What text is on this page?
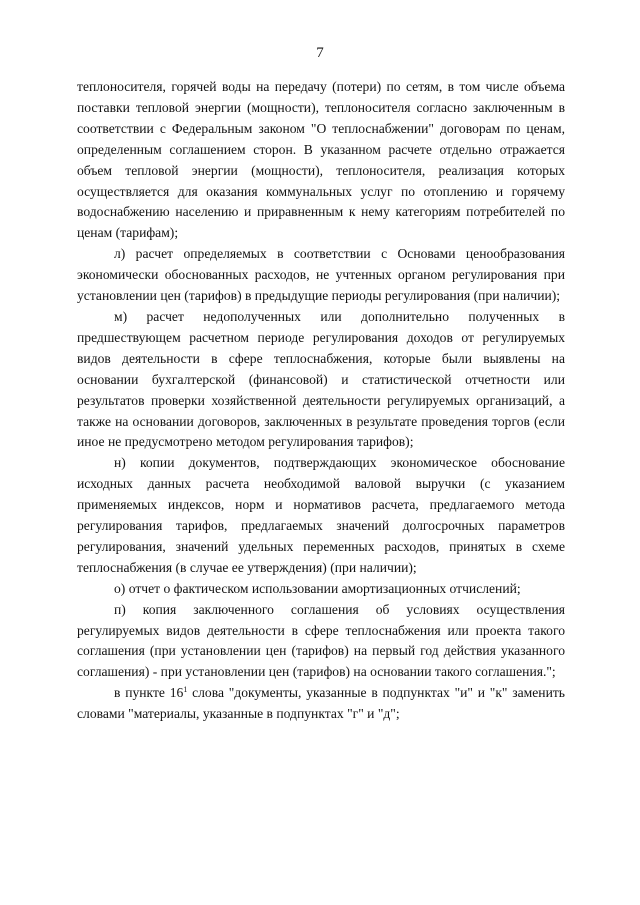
7

теплоносителя, горячей воды на передачу (потери) по сетям, в том числе объема поставки тепловой энергии (мощности), теплоносителя согласно заключенным в соответствии с Федеральным законом "О теплоснабжении" договорам по ценам, определенным соглашением сторон. В указанном расчете отдельно отражается объем тепловой энергии (мощности), теплоносителя, реализация которых осуществляется для оказания коммунальных услуг по отоплению и горячему водоснабжению населению и приравненным к нему категориям потребителей по ценам (тарифам);

л) расчет определяемых в соответствии с Основами ценообразования экономически обоснованных расходов, не учтенных органом регулирования при установлении цен (тарифов) в предыдущие периоды регулирования (при наличии);

м) расчет недополученных или дополнительно полученных в предшествующем расчетном периоде регулирования доходов от регулируемых видов деятельности в сфере теплоснабжения, которые были выявлены на основании бухгалтерской (финансовой) и статистической отчетности или результатов проверки хозяйственной деятельности регулируемых организаций, а также на основании договоров, заключенных в результате проведения торгов (если иное не предусмотрено методом регулирования тарифов);

н) копии документов, подтверждающих экономическое обоснование исходных данных расчета необходимой валовой выручки (с указанием применяемых индексов, норм и нормативов расчета, предлагаемого метода регулирования тарифов, предлагаемых значений долгосрочных параметров регулирования, значений удельных переменных расходов, принятых в схеме теплоснабжения (в случае ее утверждения) (при наличии);

о) отчет о фактическом использовании амортизационных отчислений;

п) копия заключенного соглашения об условиях осуществления регулируемых видов деятельности в сфере теплоснабжения или проекта такого соглашения (при установлении цен (тарифов) на первый год действия указанного соглашения) - при установлении цен (тарифов) на основании такого соглашения.";

в пункте $16^1$ слова "документы, указанные в подпунктах "и" и "к" заменить словами "материалы, указанные в подпунктах "г" и "д";
